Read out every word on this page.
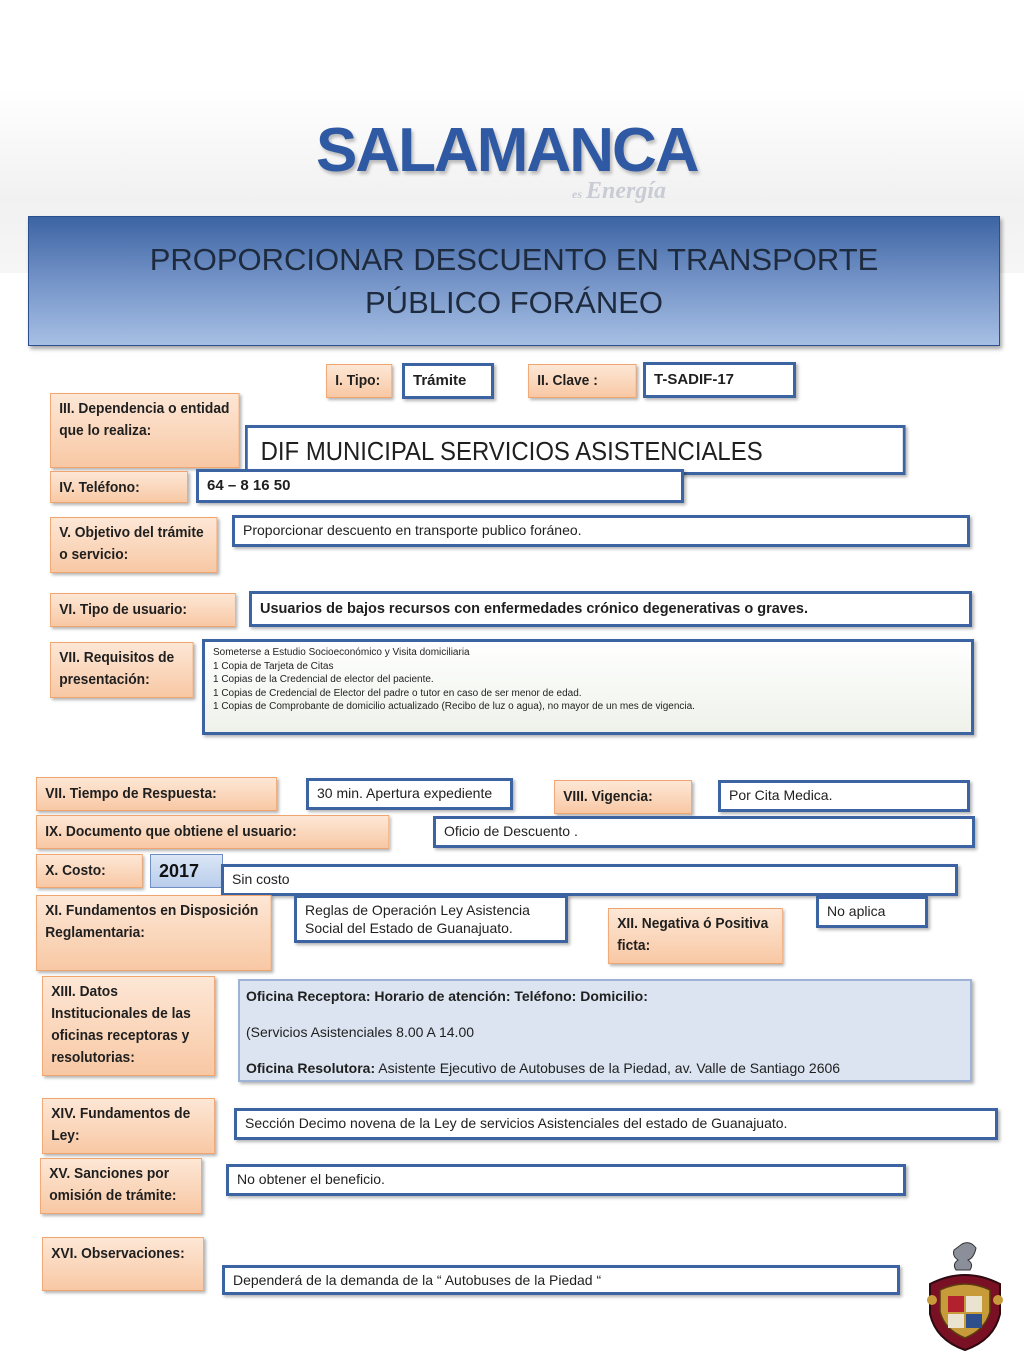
SALAMANCA
es Energía
PROPORCIONAR DESCUENTO EN TRANSPORTE PÚBLICO FORÁNEO
I. Tipo:	Trámite	II. Clave :	T-SADIF-17
III. Dependencia o entidad que lo realiza:
DIF MUNICIPAL SERVICIOS ASISTENCIALES
IV. Teléfono:	64 – 8 16 50
V. Objetivo del trámite o servicio:
Proporcionar descuento en transporte publico foráneo.
VI. Tipo de usuario:	Usuarios de bajos recursos con enfermedades crónico degenerativas o graves.
VII. Requisitos de presentación:
Someterse a Estudio Socioeconómico y Visita domiciliaria
1 Copia de Tarjeta de Citas
1 Copias de la Credencial de elector del paciente.
1 Copias de Credencial de Elector del padre o tutor en caso de ser menor de edad.
1 Copias de Comprobante de domicilio actualizado (Recibo de luz o agua), no mayor de un mes de vigencia.
VII. Tiempo de Respuesta:	30 min. Apertura expediente	VIII. Vigencia:	Por Cita Medica.
IX. Documento que obtiene el usuario:	Oficio de Descuento .
X. Costo:	2017	Sin costo
XI. Fundamentos en Disposición Reglamentaria:
Reglas de Operación Ley Asistencia Social del Estado de Guanajuato.	XII. Negativa ó Positiva ficta:
No aplica
XIII. Datos Institucionales de las oficinas receptoras y resolutorias:
Oficina Receptora: Horario de atención: Teléfono: Domicilio:
(Servicios Asistenciales 8.00 A 14.00
Oficina Resolutora: Asistente Ejecutivo de Autobuses de la Piedad, av. Valle de Santiago 2606
XIV. Fundamentos de Ley:
Sección Decimo novena de la Ley de servicios Asistenciales del estado de Guanajuato.
XV. Sanciones por omisión de trámite:
No obtener el beneficio.
XVI. Observaciones:
Dependerá de la demanda de la “ Autobuses de la Piedad “
